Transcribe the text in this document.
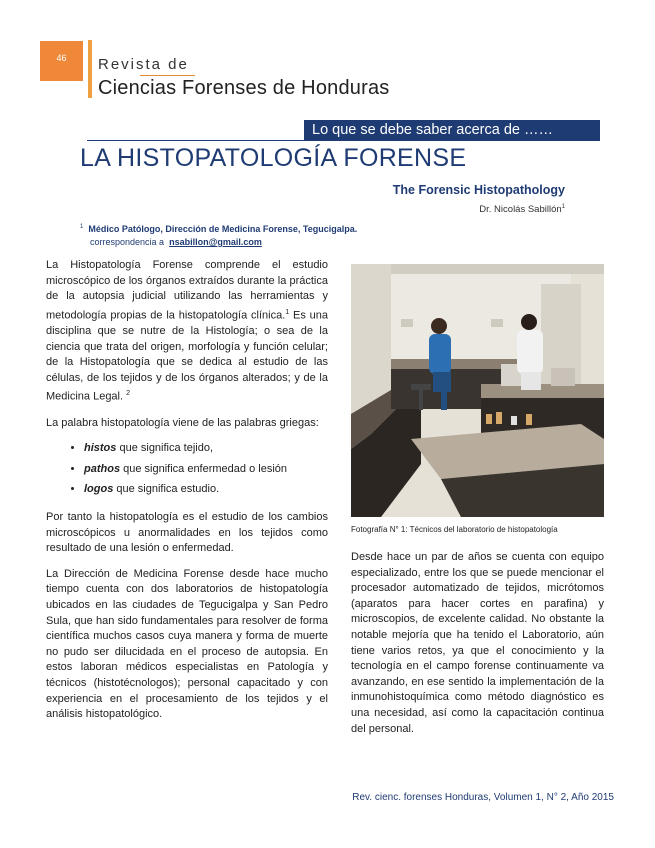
46	Revista de
Ciencias Forenses de Honduras
Lo que se debe saber acerca de ……
LA HISTOPATOLOGÍA FORENSE
The Forensic Histopathology
Dr. Nicolás Sabillón$^1$
$^1$ Médico Patólogo, Dirección de Medicina Forense, Tegucigalpa.
correspondencia a nsabillon@gmail.com

La Histopatología Forense comprende el estudio microscópico de los órganos extraídos durante la práctica de la autopsia judicial utilizando las herramientas y metodología propias de la histopatología clínica.$^1$ Es una disciplina que se nutre de la Histología; o sea de la ciencia que trata del origen, morfología y función celular; de la Histopatología que se dedica al estudio de las células, de los tejidos y de los órganos alterados; y de la Medicina Legal. $^2$

La palabra histopatología viene de las palabras griegas:

• histos que significa tejido,
• pathos que significa enfermedad o lesión
• logos que significa estudio.

Por tanto la histopatología es el estudio de los cambios microscópicos u anormalidades en los tejidos como resultado de una lesión o enfermedad.

La Dirección de Medicina Forense desde hace mucho tiempo cuenta con dos laboratorios de histopatología ubicados en las ciudades de Tegucigalpa y San Pedro Sula, que han sido fundamentales para resolver de forma científica muchos casos cuya manera y forma de muerte no pudo ser dilucidada en el proceso de autopsia. En estos laboran médicos especialistas en Patología y técnicos (histotécnologos); personal capacitado y con experiencia en el procesamiento de los tejidos y el análisis histopatológico.

Fotografía N° 1: Técnicos del laboratorio de histopatología

Desde hace un par de años se cuenta con equipo especializado, entre los que se puede mencionar el procesador automatizado de tejidos, micrótomos (aparatos para hacer cortes en parafina) y microscopios, de excelente calidad. No obstante la notable mejoría que ha tenido el Laboratorio, aún tiene varios retos, ya que el conocimiento y la tecnología en el campo forense continuamente va avanzando, en ese sentido la implementación de la inmunohistoquímica como método diagnóstico es una necesidad, así como la capacitación continua del personal.

Rev. cienc. forenses Honduras, Volumen 1, N° 2, Año 2015
